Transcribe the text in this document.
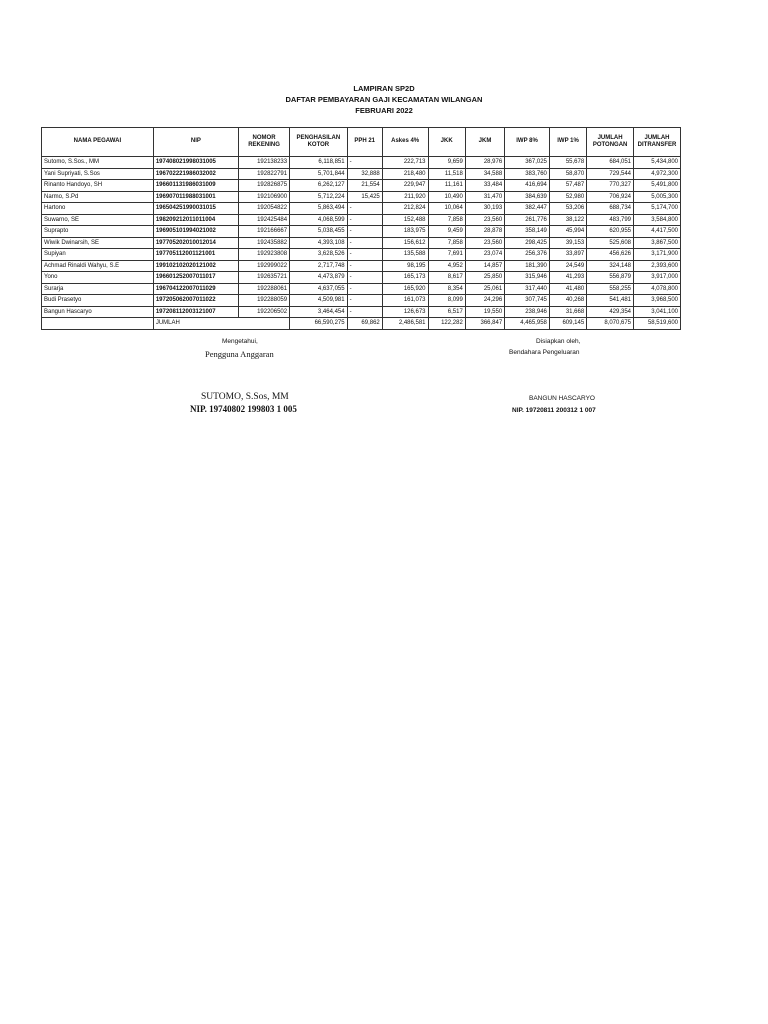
LAMPIRAN SP2D
DAFTAR PEMBAYARAN GAJI KECAMATAN WILANGAN
FEBRUARI 2022
NAMA PEGAWAI	NIP	NOMOR REKENING	PENGHASILAN KOTOR	PPH 21	Askes 4%	JKK	JKM	IWP 8%	IWP 1%	JUMLAH POTONGAN	JUMLAH DITRANSFER
Sutomo, S.Sos., MM	197408021998031005	192138233	6,118,851	-	222,713	9,659	28,976	367,025	55,678	684,051	5,434,800
Yani Supriyati, S.Sos	196702221986032002	192822791	5,701,844	32,888	218,480	11,518	34,588	383,760	58,870	729,544	4,972,300
Rinanto Handoyo, SH	196601131986031009	192826875	6,262,127	21,554	229,947	11,161	33,484	416,694	57,487	770,327	5,491,800
Narmo, S.Pd	196907011988031001	192106900	5,712,224	15,425	211,920	10,490	31,470	384,639	52,980	706,924	5,005,300
Hartono	196504251990031015	192054822	5,863,494	-	212,824	10,064	30,193	382,447	53,206	688,734	5,174,700
Suwarno, SE	198209212011011004	192425484	4,068,599	-	152,488	7,858	23,560	261,776	38,122	483,799	3,584,800
Suprapto	196905101994021002	192166667	5,038,455	-	183,975	9,459	28,878	358,149	45,994	620,955	4,417,500
Wiwik Dwinarsih, SE	197705202010012014	192435882	4,393,108	-	156,612	7,858	23,560	298,425	39,153	525,608	3,867,500
Supiyan	197705112001121001	192923808	3,628,526	-	135,588	7,691	23,074	256,376	33,897	456,626	3,171,900
Achmad Rinaldi Wahyu, S.E	199102102020121002	192999022	2,717,748	-	98,195	4,952	14,857	181,390	24,549	324,148	2,393,600
Yono	196601252007011017	192635721	4,473,879	-	165,173	8,617	25,850	315,946	41,293	556,879	3,917,000
Surarja	196704122007011029	192288061	4,637,055	-	165,920	8,354	25,061	317,440	41,480	558,255	4,078,800
Budi Prasetyo	197205062007011022	192288059	4,509,981	-	161,073	8,099	24,296	307,745	40,268	541,481	3,968,500
Bangun Hascaryo	197208112003121007	192206502	3,464,454	-	126,673	6,517	19,550	238,946	31,668	429,354	3,041,100
	JUMLAH		66,590,275	69,862	2,486,581	122,282	366,847	4,465,958	609,145	8,070,675	58,519,600
Mengetahui,
Pengguna Anggaran
SUTOMO, S.Sos, MM
NIP. 19740802 199803 1 005
Disiapkan oleh,
Bendahara Pengeluaran
BANGUN HASCARYO
NIP. 19720811 200312 1 007
